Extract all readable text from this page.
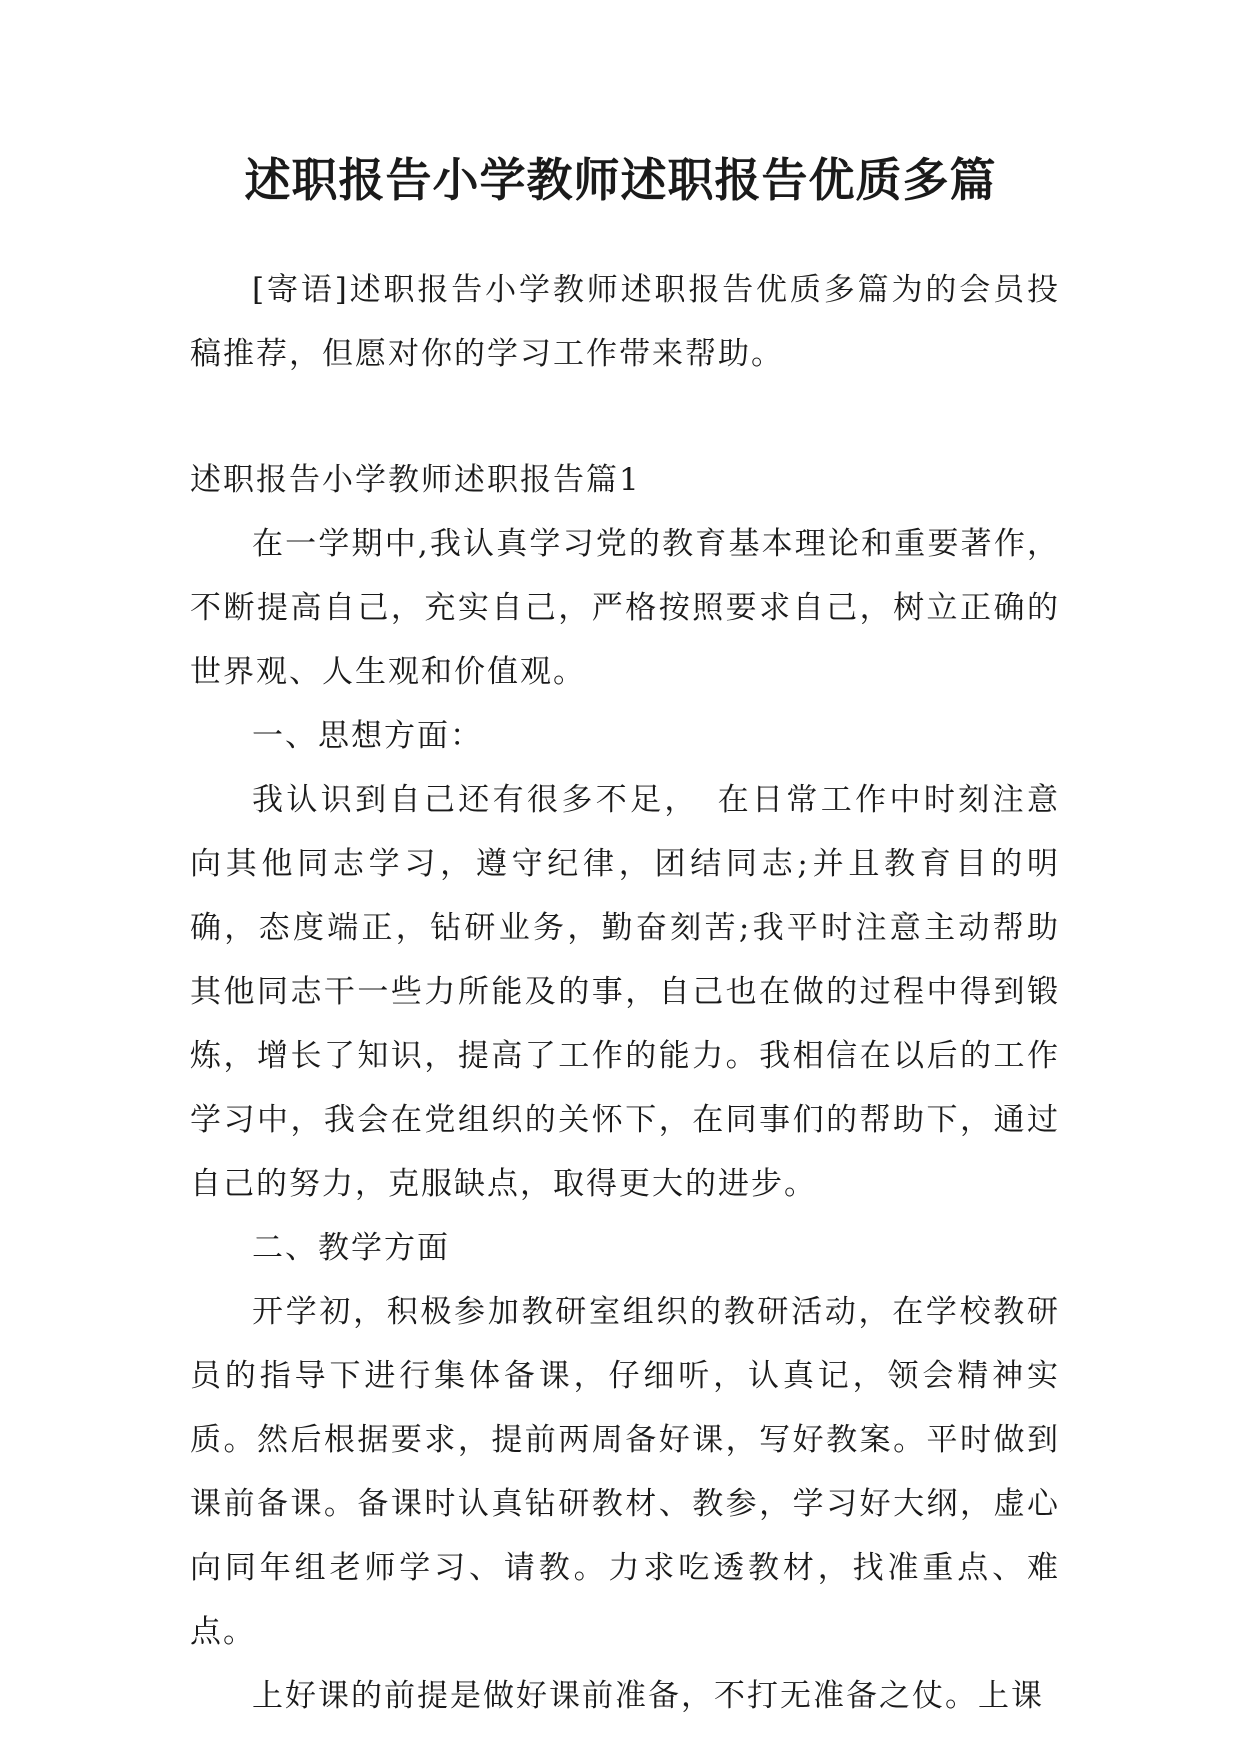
述职报告小学教师述职报告优质多篇

[寄语]述职报告小学教师述职报告优质多篇为的会员投稿推荐，但愿对你的学习工作带来帮助。

述职报告小学教师述职报告篇1

在一学期中,我认真学习党的教育基本理论和重要著作，不断提高自己，充实自己，严格按照要求自己，树立正确的世界观、人生观和价值观。

一、思想方面：

我认识到自己还有很多不足，　在日常工作中时刻注意向其他同志学习，遵守纪律，团结同志;并且教育目的明确，态度端正，钻研业务，勤奋刻苦;我平时注意主动帮助其他同志干一些力所能及的事，自己也在做的过程中得到锻炼，增长了知识，提高了工作的能力。我相信在以后的工作学习中，我会在党组织的关怀下，在同事们的帮助下，通过自己的努力，克服缺点，取得更大的进步。

二、教学方面

开学初，积极参加教研室组织的教研活动，在学校教研员的指导下进行集体备课，仔细听，认真记，领会精神实质。然后根据要求，提前两周备好课，写好教案。平时做到课前备课。备课时认真钻研教材、教参，学习好大纲，虚心向同年组老师学习、请教。力求吃透教材，找准重点、难点。

上好课的前提是做好课前准备，不打无准备之仗。上课
